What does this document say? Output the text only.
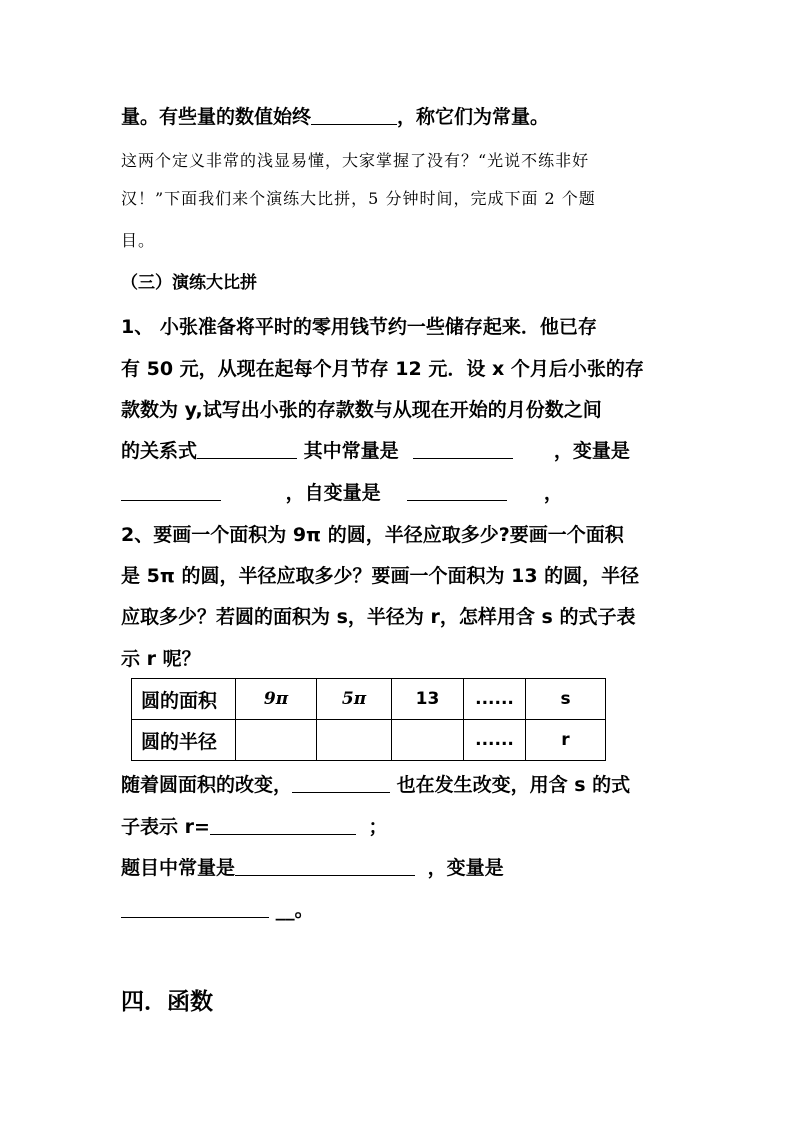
量。有些量的数值始终	，称它们为常量。
这两个定义非常的浅显易懂，大家掌握了没有？“光说不练非好
汉！”下面我们来个演练大比拼，5 分钟时间，完成下面 2 个题
目。
（三）演练大比拼
1、 小张准备将平时的零用钱节约一些储存起来．他已存
有 50 元，从现在起每个月节存 12 元．设 x 个月后小张的存
款数为 y,试写出小张的存款数与从现在开始的月份数之间
的关系式	其中常量是	，变量是
，自变量是	，
2、要画一个面积为 9π 的圆，半径应取多少?要画一个面积
是 5π 的圆，半径应取多少？要画一个面积为 13 的圆，半径
应取多少？若圆的面积为 s，半径为 r，怎样用含 s 的式子表
示 r 呢？
圆的面积	9π	5π	13	......	s
圆的半径				......	r
随着圆面积的改变，	也在发生改变，用含 s 的式
子表示 r=	；
题目中常量是	，变量是
__。
四．函数
